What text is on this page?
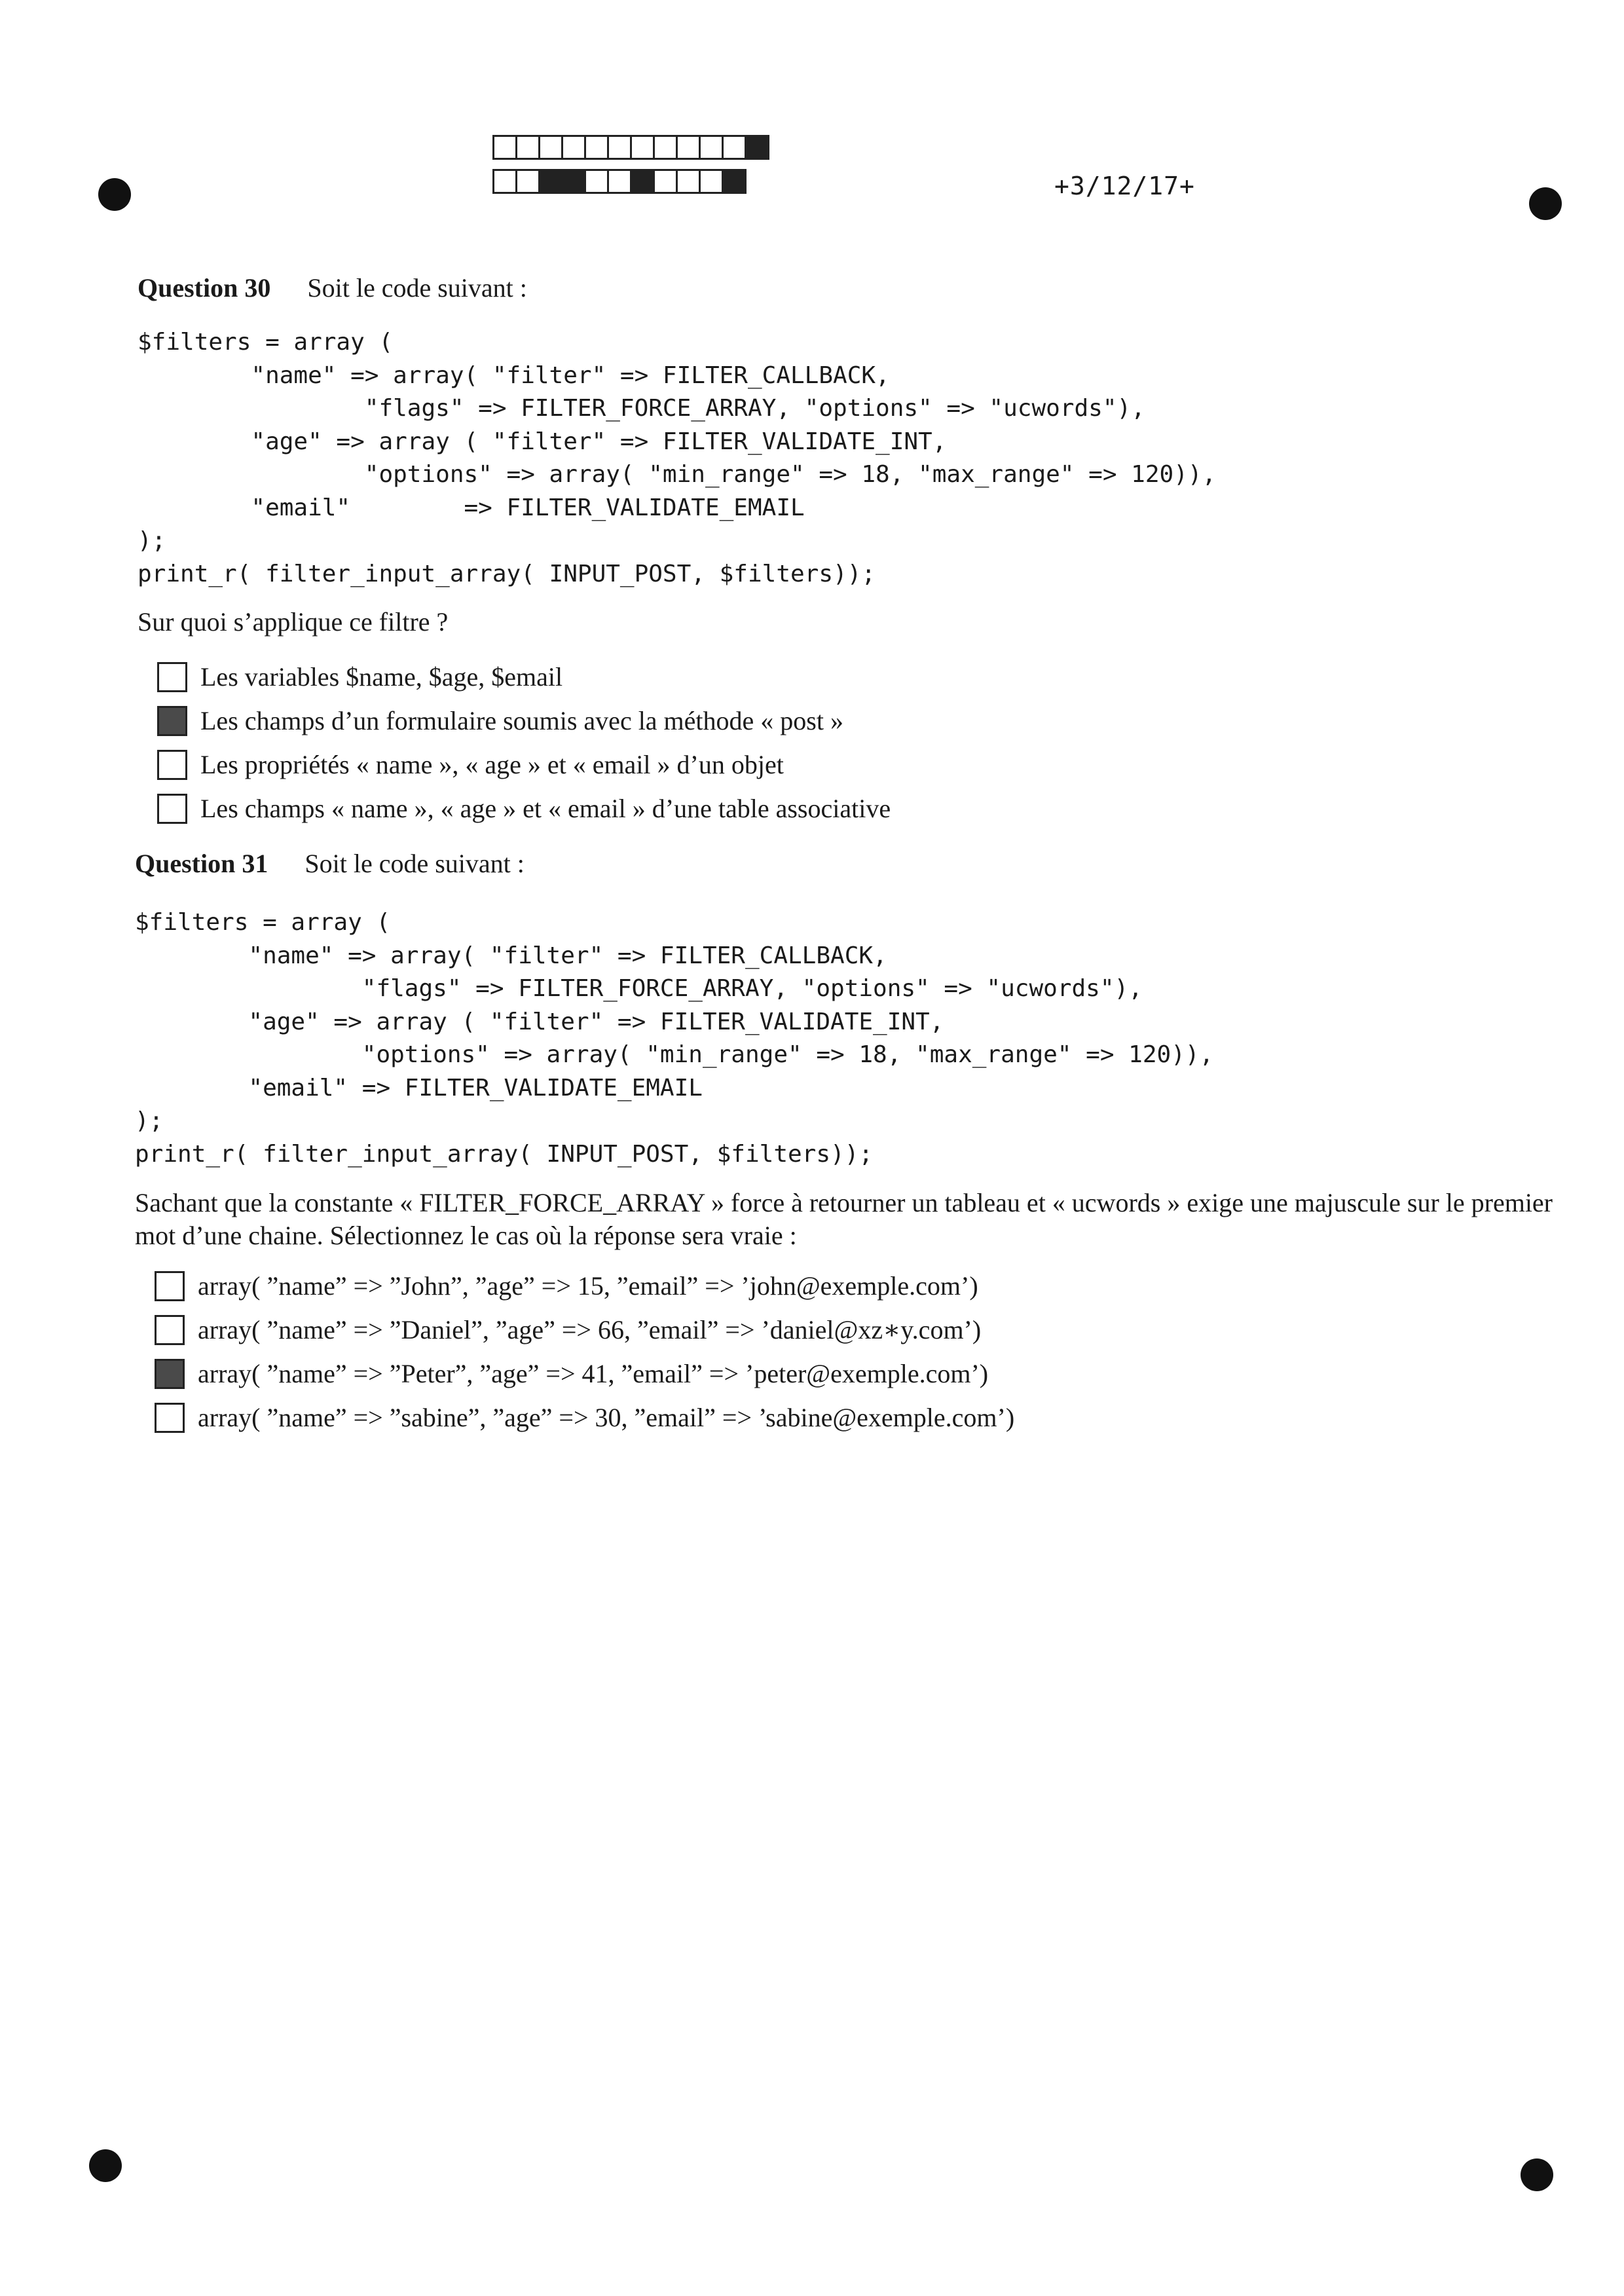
+3/12/17+
Question 30 Soit le code suivant :
$filters = array (
"name" => array( "filter" => FILTER_CALLBACK,
"flags" => FILTER_FORCE_ARRAY, "options" => "ucwords"),
"age" => array ( "filter" => FILTER_VALIDATE_INT,
"options" => array( "min_range" => 18, "max_range" => 120)),
"email"        => FILTER_VALIDATE_EMAIL
);
print_r( filter_input_array( INPUT_POST, $filters));
Sur quoi s’applique ce filtre ?
Les variables $name, $age, $email
Les champs d’un formulaire soumis avec la méthode « post »
Les propriétés « name », « age » et « email » d’un objet
Les champs « name », « age » et « email » d’une table associative
Question 31 Soit le code suivant :
$filters = array (
"name" => array( "filter" => FILTER_CALLBACK,
"flags" => FILTER_FORCE_ARRAY, "options" => "ucwords"),
"age" => array ( "filter" => FILTER_VALIDATE_INT,
"options" => array( "min_range" => 18, "max_range" => 120)),
"email" => FILTER_VALIDATE_EMAIL
);
print_r( filter_input_array( INPUT_POST, $filters));
Sachant que la constante « FILTER_FORCE_ARRAY » force à retourner un tableau et « ucwords » exige une majuscule sur le premier mot d’une chaine. Sélectionnez le cas où la réponse sera vraie :
array( ”name” => ”John”, ”age” => 15, ”email” => ’john@exemple.com’)
array( ”name” => ”Daniel”, ”age” => 66, ”email” => ’daniel@xz∗y.com’)
array( ”name” => ”Peter”, ”age” => 41, ”email” => ’peter@exemple.com’)
array( ”name” => ”sabine”, ”age” => 30, ”email” => ’sabine@exemple.com’)
